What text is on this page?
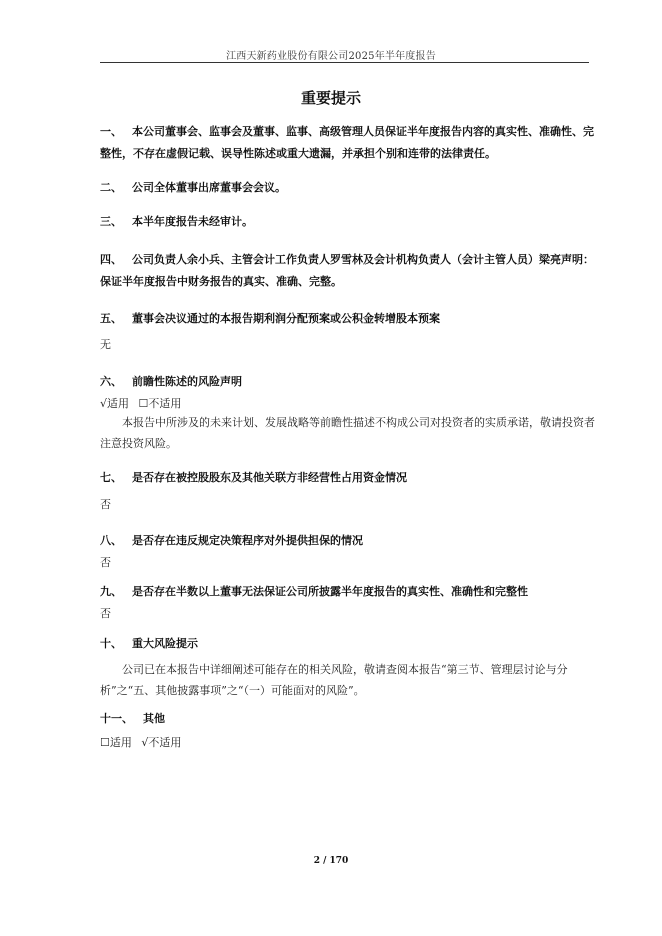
江西天新药业股份有限公司2025年半年度报告
重要提示
一、 本公司董事会、监事会及董事、监事、高级管理人员保证半年度报告内容的真实性、准确性、完整性，不存在虚假记载、误导性陈述或重大遗漏，并承担个别和连带的法律责任。
二、 公司全体董事出席董事会会议。
三、 本半年度报告未经审计。
四、 公司负责人余小兵、主管会计工作负责人罗雪林及会计机构负责人（会计主管人员）梁亮声明：保证半年度报告中财务报告的真实、准确、完整。
五、 董事会决议通过的本报告期利润分配预案或公积金转增股本预案
无
六、 前瞻性陈述的风险声明
√适用 ☐不适用
本报告中所涉及的未来计划、发展战略等前瞻性描述不构成公司对投资者的实质承诺，敬请投资者注意投资风险。
七、 是否存在被控股股东及其他关联方非经营性占用资金情况
否
八、 是否存在违反规定决策程序对外提供担保的情况
否
九、 是否存在半数以上董事无法保证公司所披露半年度报告的真实性、准确性和完整性
否
十、 重大风险提示
公司已在本报告中详细阐述可能存在的相关风险，敬请查阅本报告“第三节、管理层讨论与分析”之“五、其他披露事项”之“（一）可能面对的风险”。
十一、 其他
☐适用 √不适用
2 / 170
